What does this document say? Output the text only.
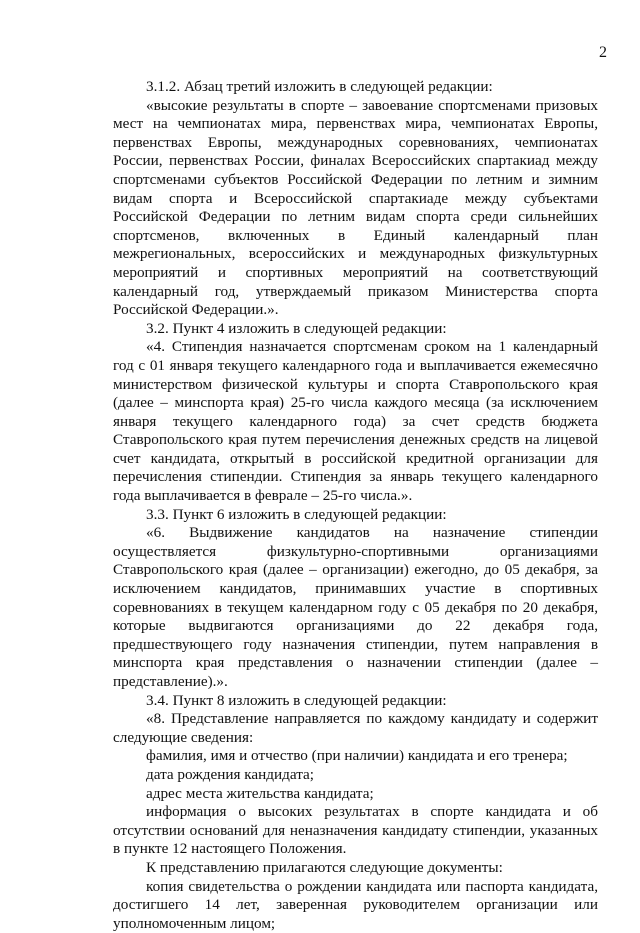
2

3.1.2. Абзац третий изложить в следующей редакции:

«высокие результаты в спорте – завоевание спортсменами призовых мест на чемпионатах мира, первенствах мира, чемпионатах Европы, первенствах Европы, международных соревнованиях, чемпионатах России, первенствах России, финалах Всероссийских спартакиад между спортсменами субъектов Российской Федерации по летним и зимним видам спорта и Всероссийской спартакиаде между субъектами Российской Федерации по летним видам спорта среди сильнейших спортсменов, включенных в Единый календарный план межрегиональных, всероссийских и международных физкультурных мероприятий и спортивных мероприятий на соответствующий календарный год, утверждаемый приказом Министерства спорта Российской Федерации.».

3.2. Пункт 4 изложить в следующей редакции:

«4. Стипендия назначается спортсменам сроком на 1 календарный год с 01 января текущего календарного года и выплачивается ежемесячно министерством физической культуры и спорта Ставропольского края (далее – минспорта края) 25-го числа каждого месяца (за исключением января текущего календарного года) за счет средств бюджета Ставропольского края путем перечисления денежных средств на лицевой счет кандидата, открытый в российской кредитной организации для перечисления стипендии. Стипендия за январь текущего календарного года выплачивается в феврале – 25-го числа.».

3.3. Пункт 6 изложить в следующей редакции:

«6. Выдвижение кандидатов на назначение стипендии осуществляется физкультурно-спортивными организациями Ставропольского края (далее – организации) ежегодно, до 05 декабря, за исключением кандидатов, принимавших участие в спортивных соревнованиях в текущем календарном году с 05 декабря по 20 декабря, которые выдвигаются организациями до 22 декабря года, предшествующего году назначения стипендии, путем направления в минспорта края представления о назначении стипендии (далее – представление).».

3.4. Пункт 8 изложить в следующей редакции:

«8. Представление направляется по каждому кандидату и содержит следующие сведения:

фамилия, имя и отчество (при наличии) кандидата и его тренера;

дата рождения кандидата;

адрес места жительства кандидата;

информация о высоких результатах в спорте кандидата и об отсутствии оснований для неназначения кандидату стипендии, указанных в пункте 12 настоящего Положения.

К представлению прилагаются следующие документы:

копия свидетельства о рождении кандидата или паспорта кандидата, достигшего 14 лет, заверенная руководителем организации или уполномоченным лицом;
